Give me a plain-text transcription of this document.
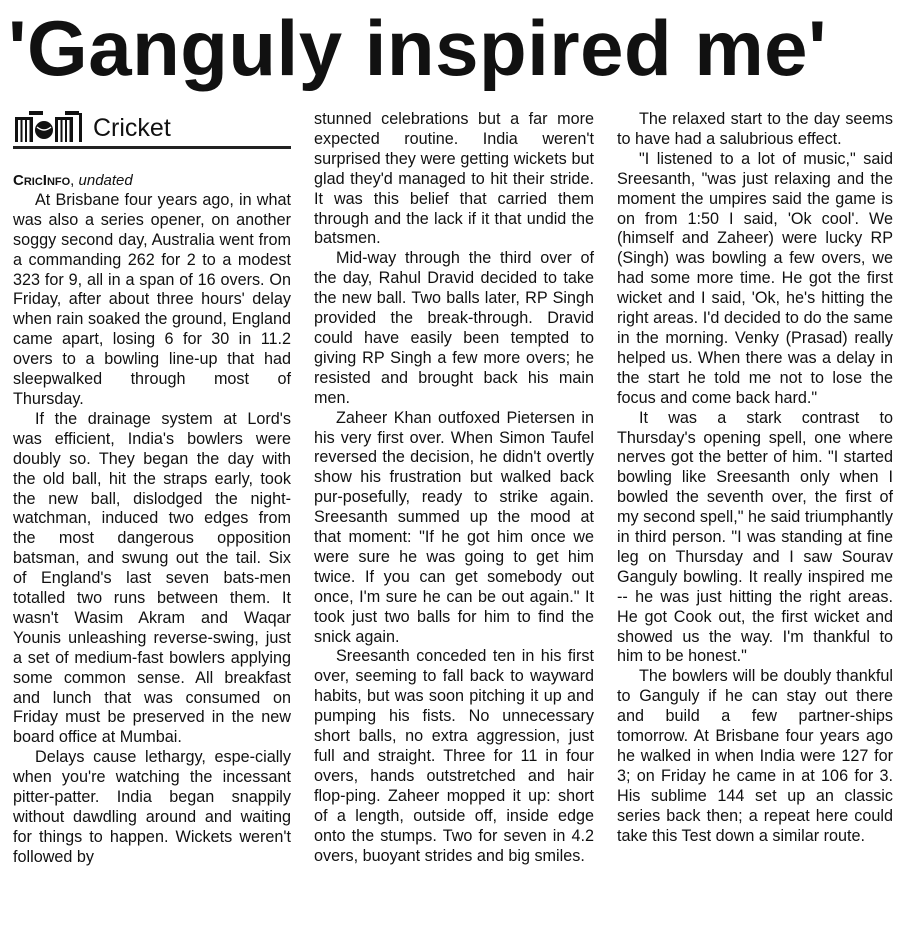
'Ganguly inspired me'
Cricket

CricInfo, undated

At Brisbane four years ago, in what was also a series opener, on another soggy second day, Australia went from a commanding 262 for 2 to a modest 323 for 9, all in a span of 16 overs. On Friday, after about three hours' delay when rain soaked the ground, England came apart, losing 6 for 30 in 11.2 overs to a bowling line-up that had sleepwalked through most of Thursday.

If the drainage system at Lord's was efficient, India's bowlers were doubly so. They began the day with the old ball, hit the straps early, took the new ball, dislodged the night-watchman, induced two edges from the most dangerous opposition batsman, and swung out the tail. Six of England's last seven bats-men totalled two runs between them. It wasn't Wasim Akram and Waqar Younis unleashing reverse-swing, just a set of medium-fast bowlers applying some common sense. All breakfast and lunch that was consumed on Friday must be preserved in the new board office at Mumbai.

Delays cause lethargy, espe-cially when you're watching the incessant pitter-patter. India began snappily without dawdling around and waiting for things to happen. Wickets weren't followed by

stunned celebrations but a far more expected routine. India weren't surprised they were getting wickets but glad they'd managed to hit their stride. It was this belief that carried them through and the lack if it that undid the batsmen.

Mid-way through the third over of the day, Rahul Dravid decided to take the new ball. Two balls later, RP Singh provided the break-through. Dravid could have easily been tempted to giving RP Singh a few more overs; he resisted and brought back his main men.

Zaheer Khan outfoxed Pietersen in his very first over. When Simon Taufel reversed the decision, he didn't overtly show his frustration but walked back pur-posefully, ready to strike again. Sreesanth summed up the mood at that moment: "If he got him once we were sure he was going to get him twice. If you can get somebody out once, I'm sure he can be out again." It took just two balls for him to find the snick again.

Sreesanth conceded ten in his first over, seeming to fall back to wayward habits, but was soon pitching it up and pumping his fists. No unnecessary short balls, no extra aggression, just full and straight. Three for 11 in four overs, hands outstretched and hair flop-ping. Zaheer mopped it up: short of a length, outside off, inside edge onto the stumps. Two for seven in 4.2 overs, buoyant strides and big smiles.

The relaxed start to the day seems to have had a salubrious effect.

"I listened to a lot of music," said Sreesanth, "was just relaxing and the moment the umpires said the game is on from 1:50 I said, 'Ok cool'. We (himself and Zaheer) were lucky RP (Singh) was bowling a few overs, we had some more time. He got the first wicket and I said, 'Ok, he's hitting the right areas. I'd decided to do the same in the morning. Venky (Prasad) really helped us. When there was a delay in the start he told me not to lose the focus and come back hard."

It was a stark contrast to Thursday's opening spell, one where nerves got the better of him. "I started bowling like Sreesanth only when I bowled the seventh over, the first of my second spell," he said triumphantly in third person. "I was standing at fine leg on Thursday and I saw Sourav Ganguly bowling. It really inspired me -- he was just hitting the right areas. He got Cook out, the first wicket and showed us the way. I'm thankful to him to be honest."

The bowlers will be doubly thankful to Ganguly if he can stay out there and build a few partner-ships tomorrow. At Brisbane four years ago he walked in when India were 127 for 3; on Friday he came in at 106 for 3. His sublime 144 set up an classic series back then; a repeat here could take this Test down a similar route.
